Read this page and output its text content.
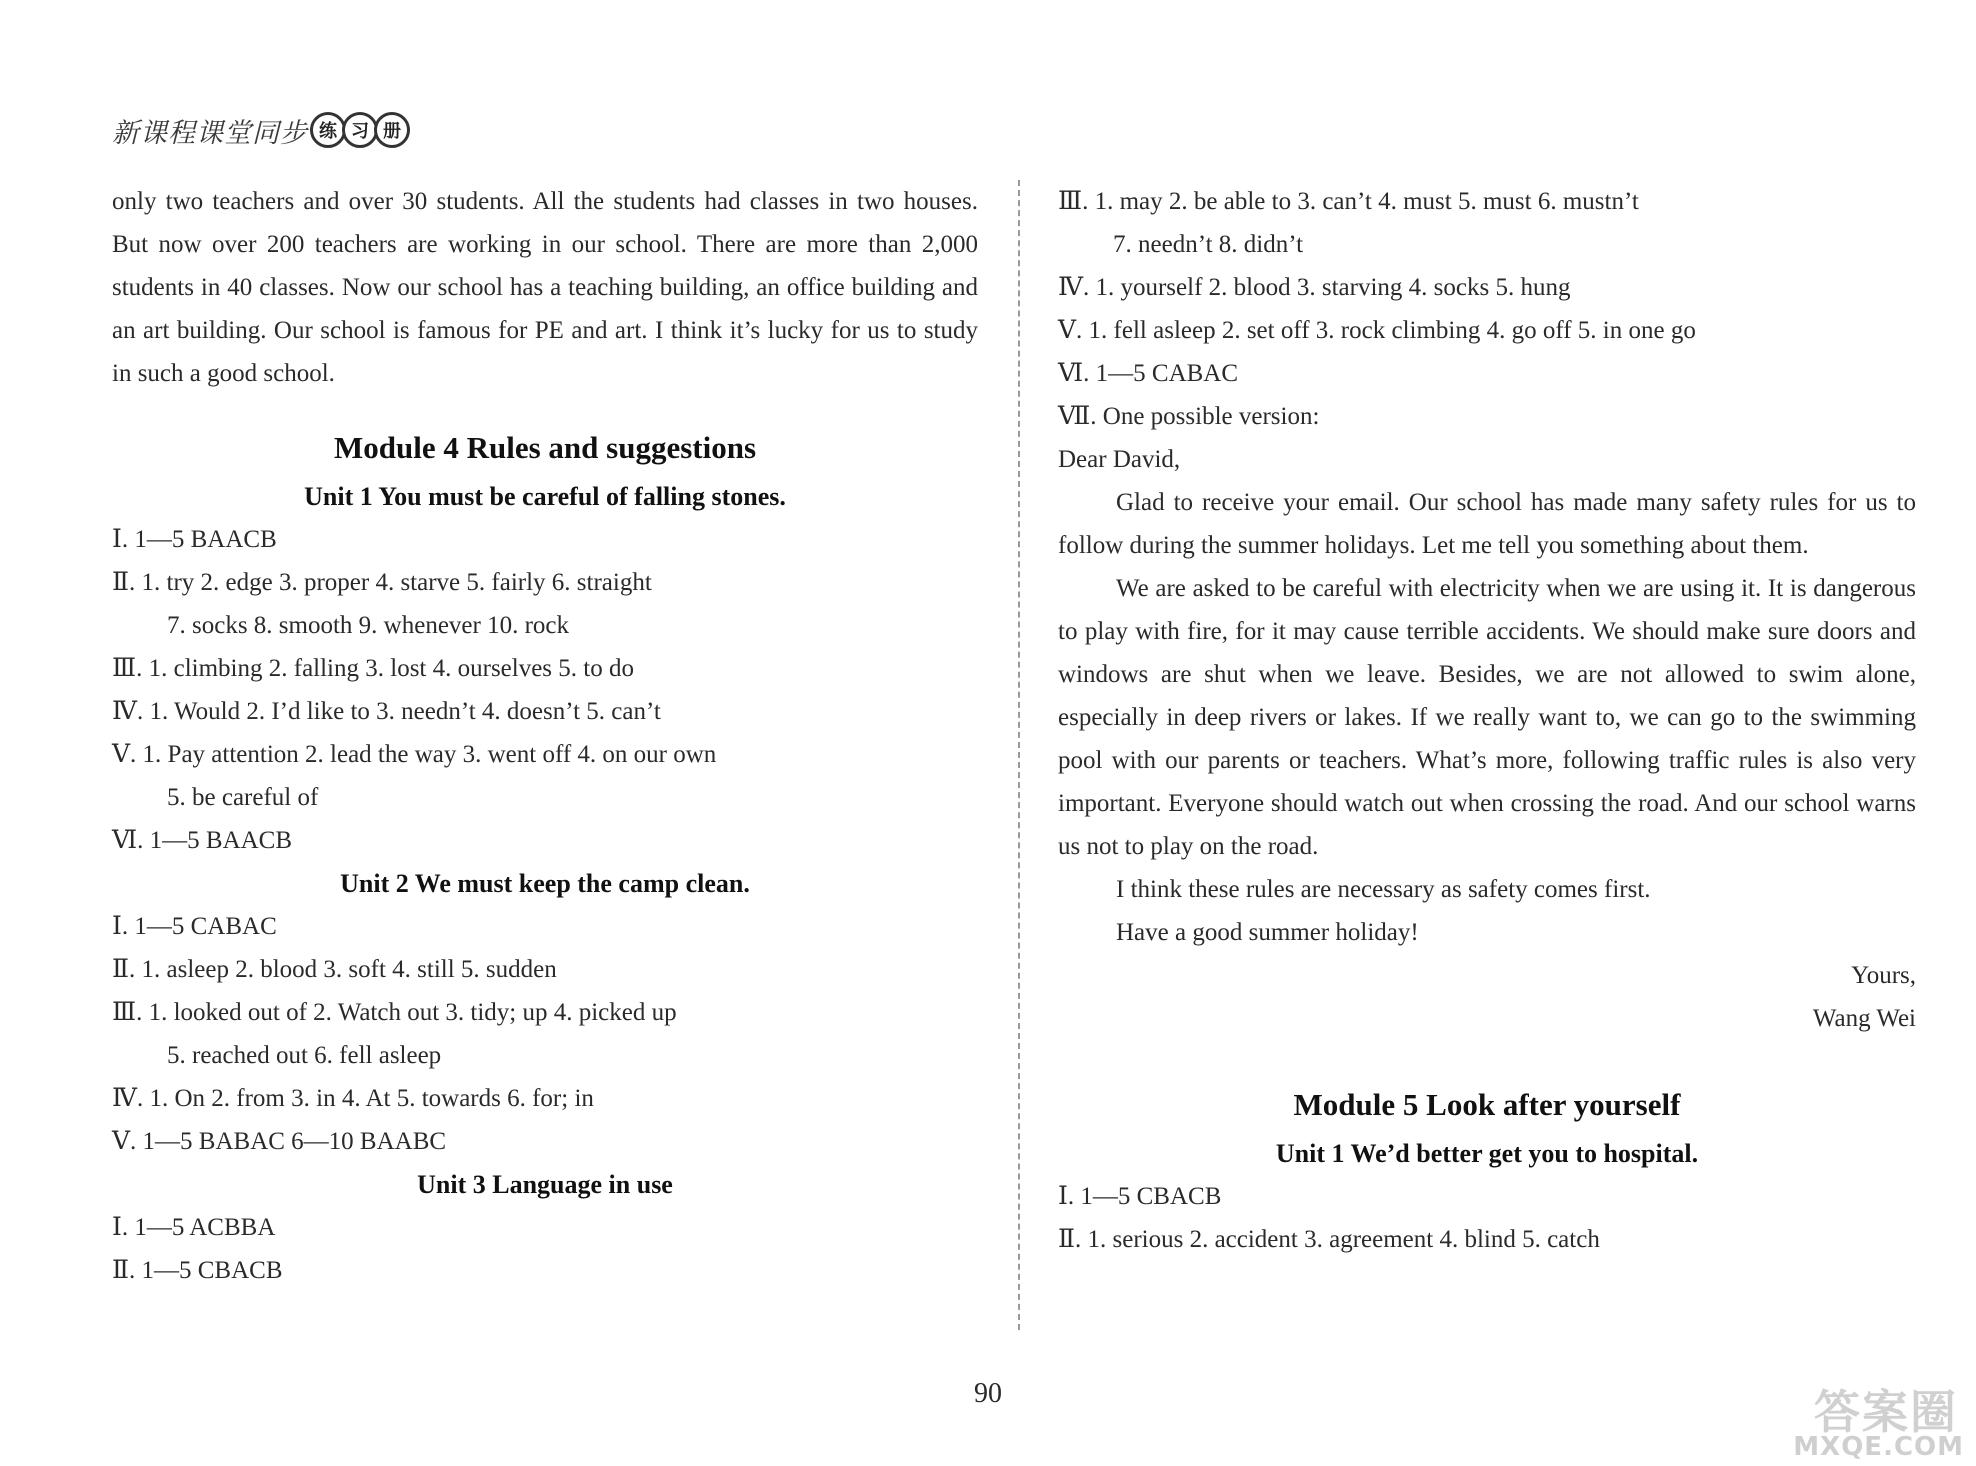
新课程课堂同步 练 习 册

only two teachers and over 30 students. All the students had classes in two houses. But now over 200 teachers are working in our school. There are more than 2,000 students in 40 classes. Now our school has a teaching building, an office building and an art building. Our school is famous for PE and art. I think it’s lucky for us to study in such a good school.

Module 4 Rules and suggestions
Unit 1 You must be careful of falling stones.
Ⅰ. 1—5 BAACB
Ⅱ. 1. try 2. edge 3. proper 4. starve 5. fairly 6. straight
7. socks 8. smooth 9. whenever 10. rock
Ⅲ. 1. climbing 2. falling 3. lost 4. ourselves 5. to do
Ⅳ. 1. Would 2. I’d like to 3. needn’t 4. doesn’t 5. can’t
Ⅴ. 1. Pay attention 2. lead the way 3. went off 4. on our own
5. be careful of
Ⅵ. 1—5 BAACB
Unit 2 We must keep the camp clean.
Ⅰ. 1—5 CABAC
Ⅱ. 1. asleep 2. blood 3. soft 4. still 5. sudden
Ⅲ. 1. looked out of 2. Watch out 3. tidy; up 4. picked up
5. reached out 6. fell asleep
Ⅳ. 1. On 2. from 3. in 4. At 5. towards 6. for; in
Ⅴ. 1—5 BABAC 6—10 BAABC
Unit 3 Language in use
Ⅰ. 1—5 ACBBA
Ⅱ. 1—5 CBACB
Ⅲ. 1. may 2. be able to 3. can’t 4. must 5. must 6. mustn’t
7. needn’t 8. didn’t
Ⅳ. 1. yourself 2. blood 3. starving 4. socks 5. hung
Ⅴ. 1. fell asleep 2. set off 3. rock climbing 4. go off 5. in one go
Ⅵ. 1—5 CABAC
Ⅶ. One possible version:
Dear David,

Glad to receive your email. Our school has made many safety rules for us to follow during the summer holidays. Let me tell you something about them.

We are asked to be careful with electricity when we are using it. It is dangerous to play with fire, for it may cause terrible accidents. We should make sure doors and windows are shut when we leave. Besides, we are not allowed to swim alone, especially in deep rivers or lakes. If we really want to, we can go to the swimming pool with our parents or teachers. What’s more, following traffic rules is also very important. Everyone should watch out when crossing the road. And our school warns us not to play on the road.

I think these rules are necessary as safety comes first.

Have a good summer holiday!

Yours,
Wang Wei
Module 5 Look after yourself
Unit 1 We’d better get you to hospital.
Ⅰ. 1—5 CBACB
Ⅱ. 1. serious 2. accident 3. agreement 4. blind 5. catch
90	答案圈
MXQE.COM
